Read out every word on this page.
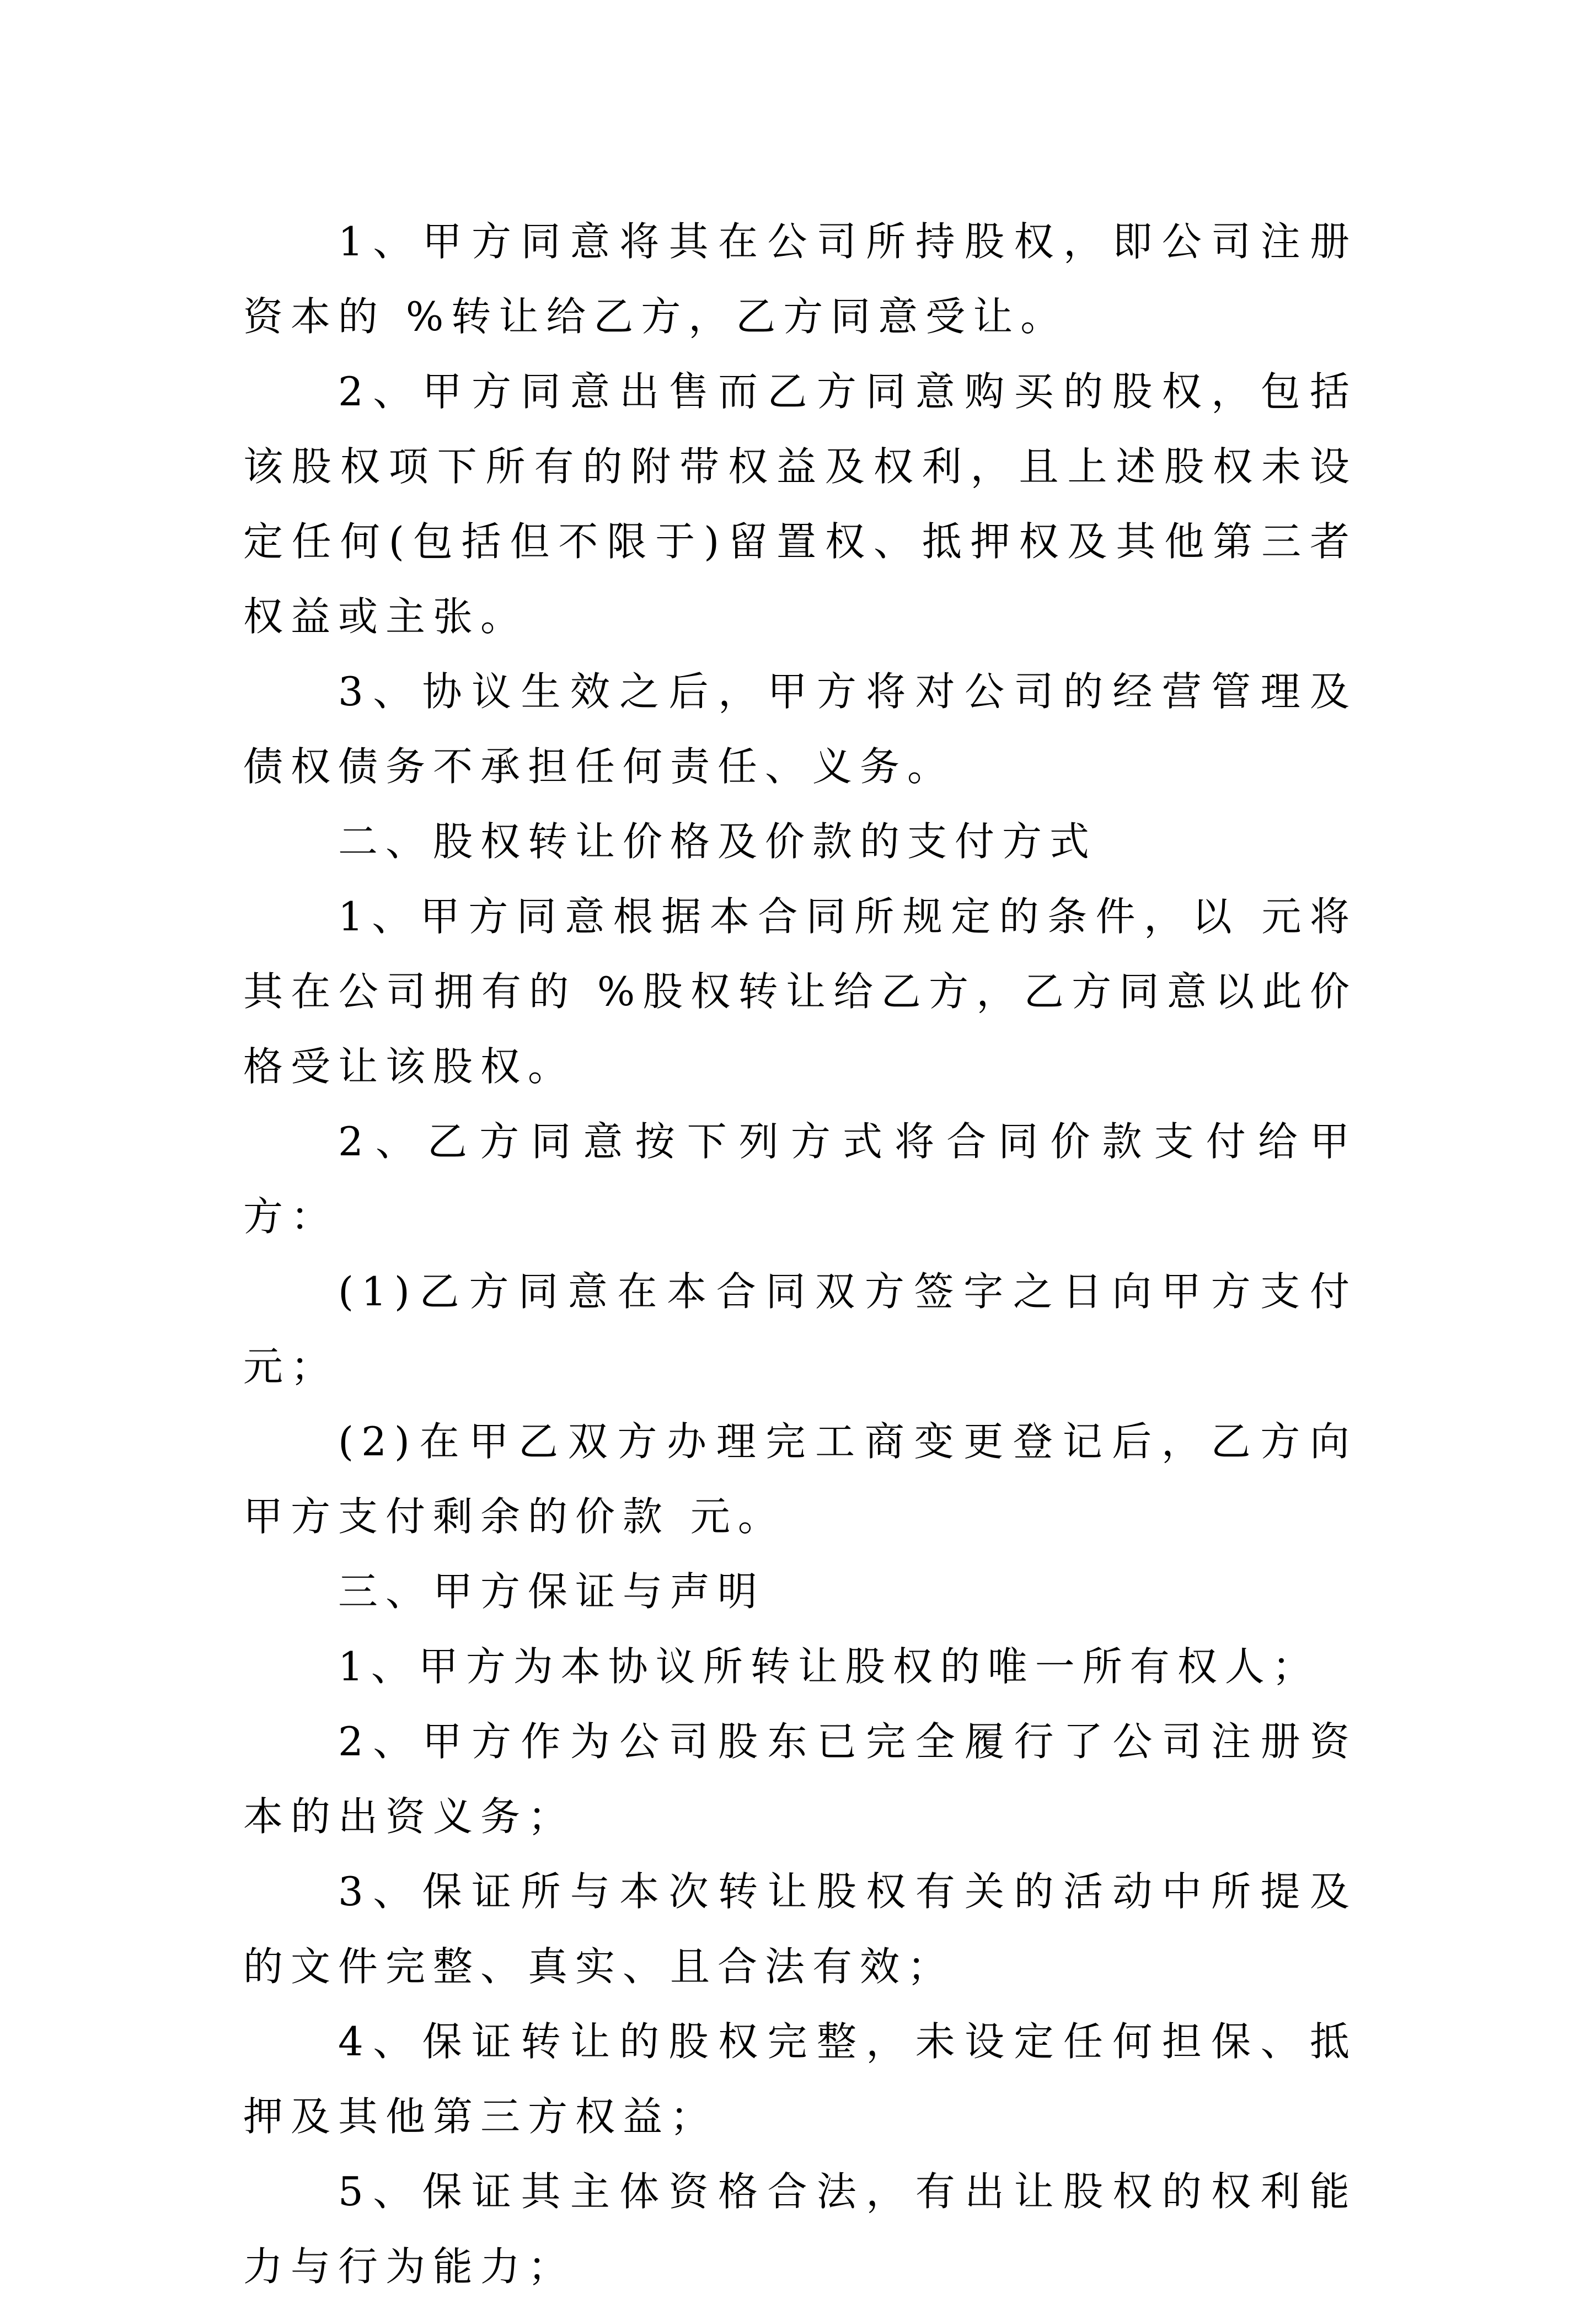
1、甲方同意将其在公司所持股权，即公司注册资本的 %转让给乙方，乙方同意受让。

2、甲方同意出售而乙方同意购买的股权，包括该股权项下所有的附带权益及权利，且上述股权未设定任何(包括但不限于)留置权、抵押权及其他第三者权益或主张。

3、协议生效之后，甲方将对公司的经营管理及债权债务不承担任何责任、义务。

二、股权转让价格及价款的支付方式

1、甲方同意根据本合同所规定的条件，以 元将其在公司拥有的 %股权转让给乙方，乙方同意以此价格受让该股权。

2、乙方同意按下列方式将合同价款支付给甲方：

(1)乙方同意在本合同双方签字之日向甲方支付 元；

(2)在甲乙双方办理完工商变更登记后，乙方向甲方支付剩余的价款 元。

三、甲方保证与声明

1、甲方为本协议所转让股权的唯一所有权人；

2、甲方作为公司股东已完全履行了公司注册资本的出资义务；

3、保证所与本次转让股权有关的活动中所提及的文件完整、真实、且合法有效；

4、保证转让的股权完整，未设定任何担保、抵押及其他第三方权益；

5、保证其主体资格合法，有出让股权的权利能力与行为能力；
